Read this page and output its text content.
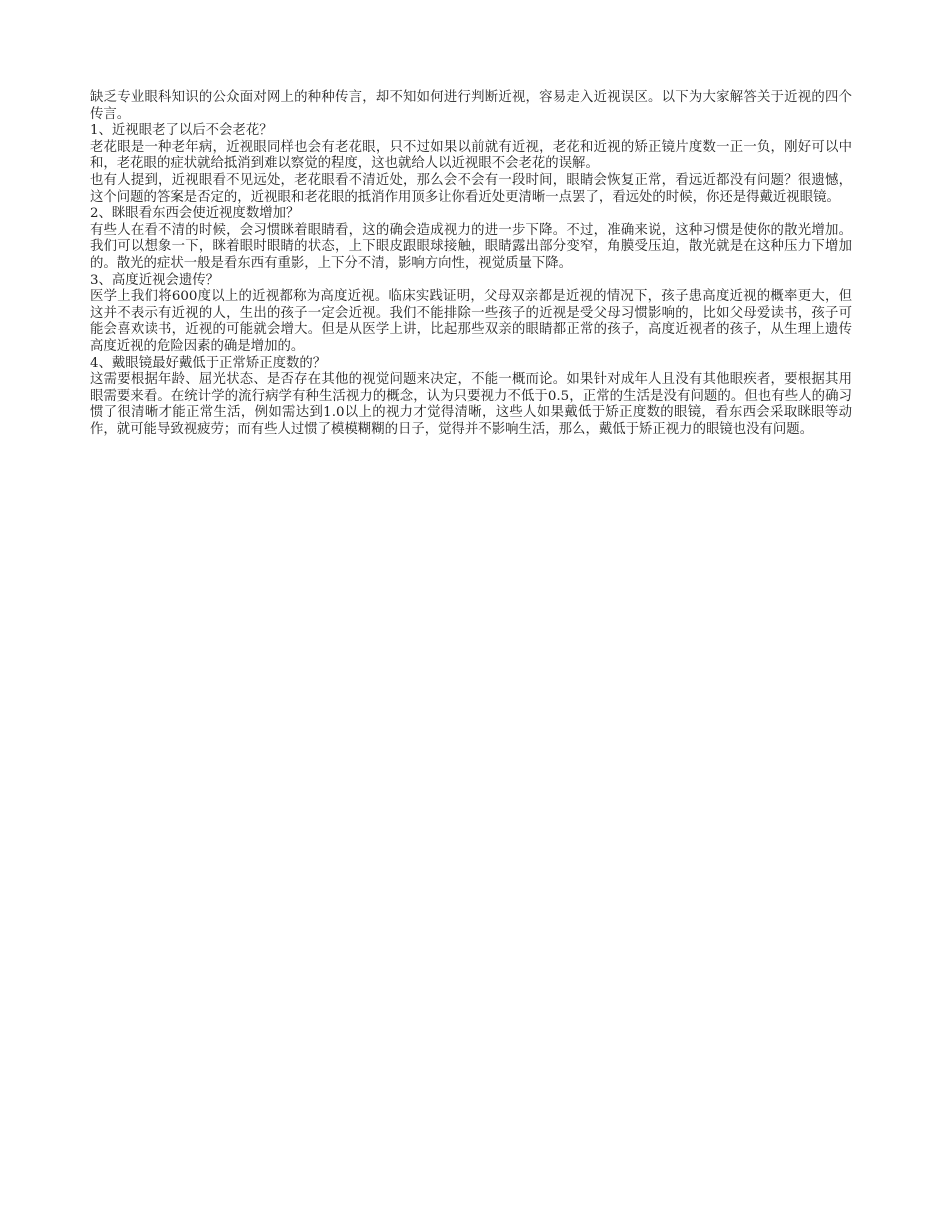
缺乏专业眼科知识的公众面对网上的种种传言，却不知如何进行判断近视，容易走入近视误区。以下为大家解答关于近视的四个传言。

1、近视眼老了以后不会老花？

老花眼是一种老年病，近视眼同样也会有老花眼，只不过如果以前就有近视，老花和近视的矫正镜片度数一正一负，刚好可以中和，老花眼的症状就给抵消到难以察觉的程度，这也就给人以近视眼不会老花的误解。

也有人提到，近视眼看不见远处，老花眼看不清近处，那么会不会有一段时间，眼睛会恢复正常，看远近都没有问题？很遗憾，这个问题的答案是否定的，近视眼和老花眼的抵消作用顶多让你看近处更清晰一点罢了，看远处的时候，你还是得戴近视眼镜。

2、眯眼看东西会使近视度数增加？

有些人在看不清的时候，会习惯眯着眼睛看，这的确会造成视力的进一步下降。不过，准确来说，这种习惯是使你的散光增加。我们可以想象一下，眯着眼时眼睛的状态，上下眼皮跟眼球接触，眼睛露出部分变窄，角膜受压迫，散光就是在这种压力下增加的。散光的症状一般是看东西有重影，上下分不清，影响方向性，视觉质量下降。

3、高度近视会遗传？

医学上我们将600度以上的近视都称为高度近视。临床实践证明，父母双亲都是近视的情况下，孩子患高度近视的概率更大，但这并不表示有近视的人，生出的孩子一定会近视。我们不能排除一些孩子的近视是受父母习惯影响的，比如父母爱读书，孩子可能会喜欢读书，近视的可能就会增大。但是从医学上讲，比起那些双亲的眼睛都正常的孩子，高度近视者的孩子，从生理上遗传高度近视的危险因素的确是增加的。

4、戴眼镜最好戴低于正常矫正度数的？

这需要根据年龄、屈光状态、是否存在其他的视觉问题来决定，不能一概而论。如果针对成年人且没有其他眼疾者，要根据其用眼需要来看。在统计学的流行病学有种生活视力的概念，认为只要视力不低于0.5，正常的生活是没有问题的。但也有些人的确习惯了很清晰才能正常生活，例如需达到1.0以上的视力才觉得清晰，这些人如果戴低于矫正度数的眼镜，看东西会采取眯眼等动作，就可能导致视疲劳；而有些人过惯了模模糊糊的日子，觉得并不影响生活，那么，戴低于矫正视力的眼镜也没有问题。
